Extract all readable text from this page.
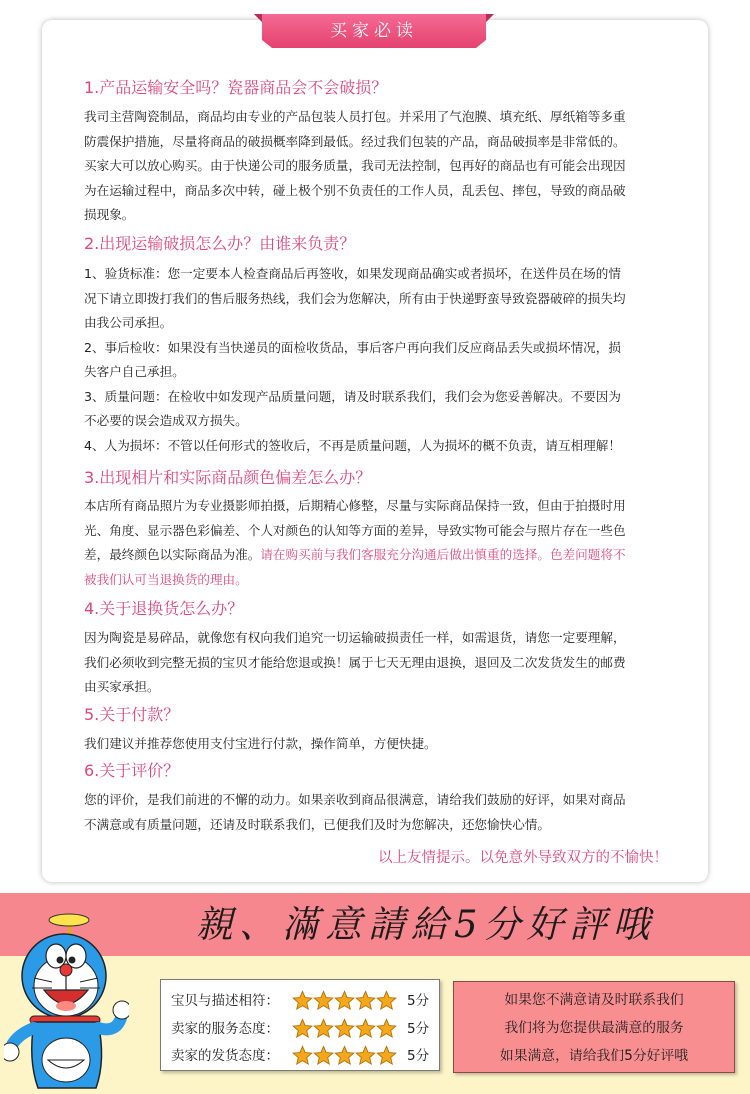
买家必读
1.产品运输安全吗？瓷器商品会不会破损？
我司主营陶瓷制品，商品均由专业的产品包装人员打包。并采用了气泡膜、填充纸、厚纸箱等多重
防震保护措施，尽量将商品的破损概率降到最低。经过我们包装的产品，商品破损率是非常低的。
买家大可以放心购买。由于快递公司的服务质量，我司无法控制，包再好的商品也有可能会出现因
为在运输过程中，商品多次中转，碰上极个别不负责任的工作人员，乱丢包、摔包，导致的商品破
损现象。
2.出现运输破损怎么办？由谁来负责？
1、验货标准：您一定要本人检查商品后再签收，如果发现商品确实或者损坏，在送件员在场的情
况下请立即拨打我们的售后服务热线，我们会为您解决，所有由于快递野蛮导致瓷器破碎的损失均
由我公司承担。
2、事后检收：如果没有当快递员的面检收货品，事后客户再向我们反应商品丢失或损坏情况，损
失客户自己承担。
3、质量问题：在检收中如发现产品质量问题，请及时联系我们，我们会为您妥善解决。不要因为
不必要的误会造成双方损失。
4、人为损坏：不管以任何形式的签收后，不再是质量问题，人为损坏的概不负责，请互相理解！
3.出现相片和实际商品颜色偏差怎么办？
本店所有商品照片为专业摄影师拍摄，后期精心修整，尽量与实际商品保持一致，但由于拍摄时用
光、角度、显示器色彩偏差、个人对颜色的认知等方面的差异，导致实物可能会与照片存在一些色
差，最终颜色以实际商品为准。请在购买前与我们客服充分沟通后做出慎重的选择。色差问题将不
被我们认可当退换货的理由。
4.关于退换货怎么办？
因为陶瓷是易碎品，就像您有权向我们追究一切运输破损责任一样，如需退货，请您一定要理解，
我们必须收到完整无损的宝贝才能给您退或换！属于七天无理由退换，退回及二次发货发生的邮费
由买家承担。
5.关于付款？
我们建议并推荐您使用支付宝进行付款，操作简单，方便快捷。
6.关于评价？
您的评价，是我们前进的不懈的动力。如果亲收到商品很满意，请给我们鼓励的好评，如果对商品
不满意或有质量问题，还请及时联系我们，已便我们及时为您解决，还您愉快心情。
以上友情提示。以免意外导致双方的不愉快！
親、滿意請給5分好評哦
宝贝与描述相符：	5分
卖家的服务态度：	5分
卖家的发货态度：	5分
如果您不满意请及时联系我们
我们将为您提供最满意的服务
如果满意，请给我们5分好评哦
